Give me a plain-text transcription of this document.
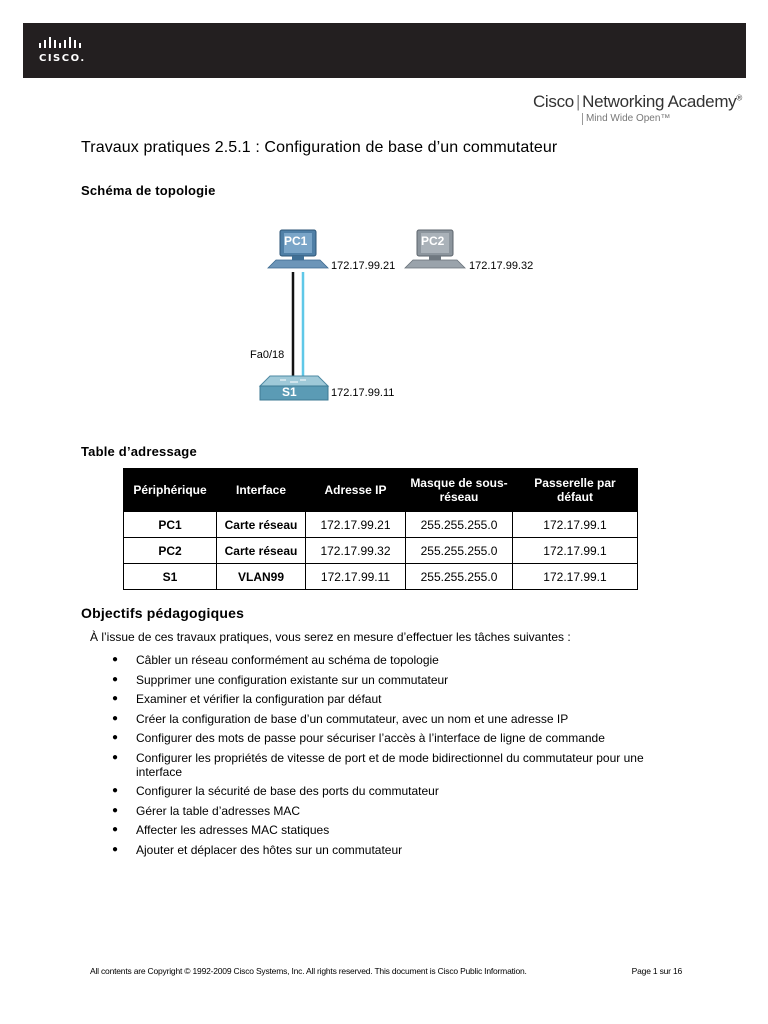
CISCO.
Cisco | Networking Academy®
Mind Wide Open™
Travaux pratiques 2.5.1 : Configuration de base d’un commutateur
Schéma de topologie
PC1
172.17.99.21
PC2
172.17.99.32
Fa0/18
S1	172.17.99.11
Table d’adressage
Périphérique	Interface	Adresse IP	Masque de sous-réseau	Passerelle par défaut
PC1	Carte réseau	172.17.99.21	255.255.255.0	172.17.99.1
PC2	Carte réseau	172.17.99.32	255.255.255.0	172.17.99.1
S1	VLAN99	172.17.99.11	255.255.255.0	172.17.99.1
Objectifs pédagogiques
À l’issue de ces travaux pratiques, vous serez en mesure d’effectuer les tâches suivantes :
● Câbler un réseau conformément au schéma de topologie
● Supprimer une configuration existante sur un commutateur
● Examiner et vérifier la configuration par défaut
● Créer la configuration de base d’un commutateur, avec un nom et une adresse IP
● Configurer des mots de passe pour sécuriser l’accès à l’interface de ligne de commande
● Configurer les propriétés de vitesse de port et de mode bidirectionnel du commutateur pour une interface
● Configurer la sécurité de base des ports du commutateur
● Gérer la table d’adresses MAC
● Affecter les adresses MAC statiques
● Ajouter et déplacer des hôtes sur un commutateur
All contents are Copyright © 1992-2009 Cisco Systems, Inc. All rights reserved. This document is Cisco Public Information.	Page 1 sur 16
